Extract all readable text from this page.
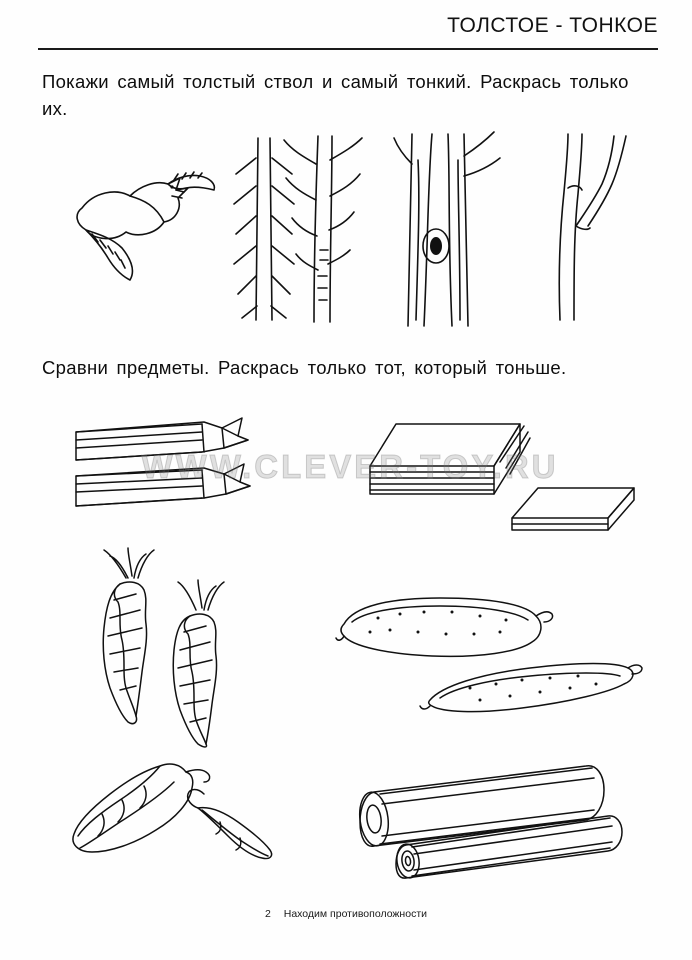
ТОЛСТОЕ - ТОНКОЕ
Покажи самый толстый ствол и самый тонкий. Раскрась только их.
Сравни предметы. Раскрась только тот, который тоньше.
WWW.CLEVER-TOY.RU
2 Находим противоположности
